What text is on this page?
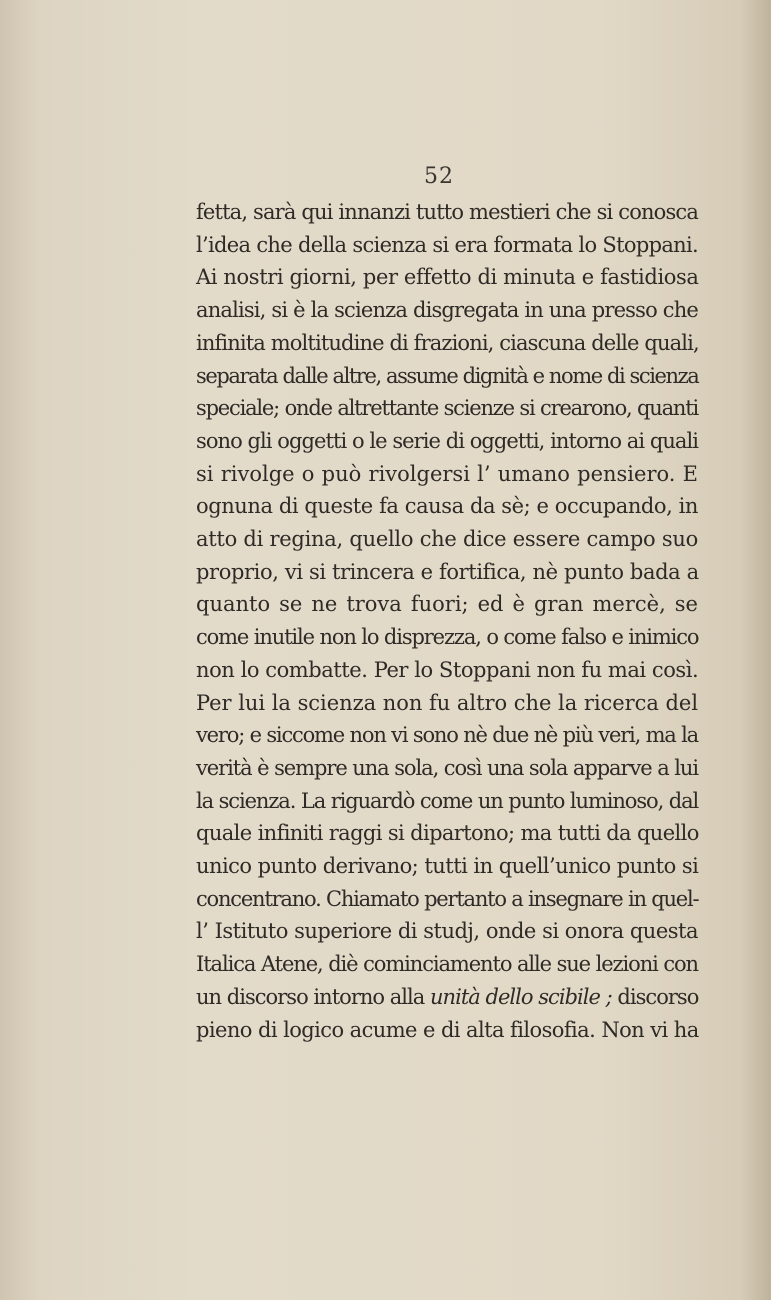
52
fetta, sarà qui innanzi tutto mestieri che si conosca
l’idea che della scienza si era formata lo Stoppani.
Ai nostri giorni, per effetto di minuta e fastidiosa
analisi, si è la scienza disgregata in una presso che
infinita moltitudine di frazioni, ciascuna delle quali,
separata dalle altre, assume dignità e nome di scienza
speciale; onde altrettante scienze si crearono, quanti
sono gli oggetti o le serie di oggetti, intorno ai quali
si rivolge o può rivolgersi l’ umano pensiero. E
ognuna di queste fa causa da sè; e occupando, in
atto di regina, quello che dice essere campo suo
proprio, vi si trincera e fortifica, nè punto bada a
quanto se ne trova fuori; ed è gran mercè, se
come inutile non lo disprezza, o come falso e inimico
non lo combatte. Per lo Stoppani non fu mai così.
Per lui la scienza non fu altro che la ricerca del
vero; e siccome non vi sono nè due nè più veri, ma la
verità è sempre una sola, così una sola apparve a lui
la scienza. La riguardò come un punto luminoso, dal
quale infiniti raggi si dipartono; ma tutti da quello
unico punto derivano; tutti in quell’unico punto si
concentrano. Chiamato pertanto a insegnare in quel-
l’ Istituto superiore di studj, onde si onora questa
Italica Atene, diè cominciamento alle sue lezioni con
un discorso intorno alla unità dello scibile ; discorso
pieno di logico acume e di alta filosofia. Non vi ha
